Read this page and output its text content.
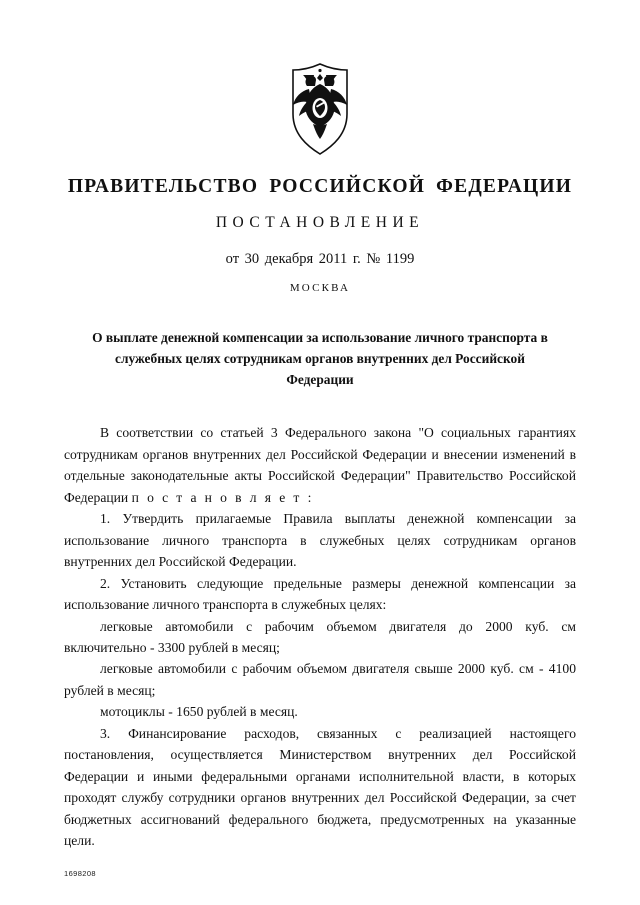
ПРАВИТЕЛЬСТВО РОССИЙСКОЙ ФЕДЕРАЦИИ
ПОСТАНОВЛЕНИЕ
от 30 декабря 2011 г. № 1199
МОСКВА
О выплате денежной компенсации за использование личного транспорта в служебных целях сотрудникам органов внутренних дел Российской Федерации

В соответствии со статьей 3 Федерального закона "О социальных гарантиях сотрудникам органов внутренних дел Российской Федерации и внесении изменений в отдельные законодательные акты Российской Федерации" Правительство Российской Федерации п о с т а н о в л я е т :

1. Утвердить прилагаемые Правила выплаты денежной компенсации за использование личного транспорта в служебных целях сотрудникам органов внутренних дел Российской Федерации.

2. Установить следующие предельные размеры денежной компенсации за использование личного транспорта в служебных целях:

легковые автомобили с рабочим объемом двигателя до 2000 куб. см включительно - 3300 рублей в месяц;

легковые автомобили с рабочим объемом двигателя свыше 2000 куб. см - 4100 рублей в месяц;

мотоциклы - 1650 рублей в месяц.

3. Финансирование расходов, связанных с реализацией настоящего постановления, осуществляется Министерством внутренних дел Российской Федерации и иными федеральными органами исполнительной власти, в которых проходят службу сотрудники органов внутренних дел Российской Федерации, за счет бюджетных ассигнований федерального бюджета, предусмотренных на указанные цели.

1698208
